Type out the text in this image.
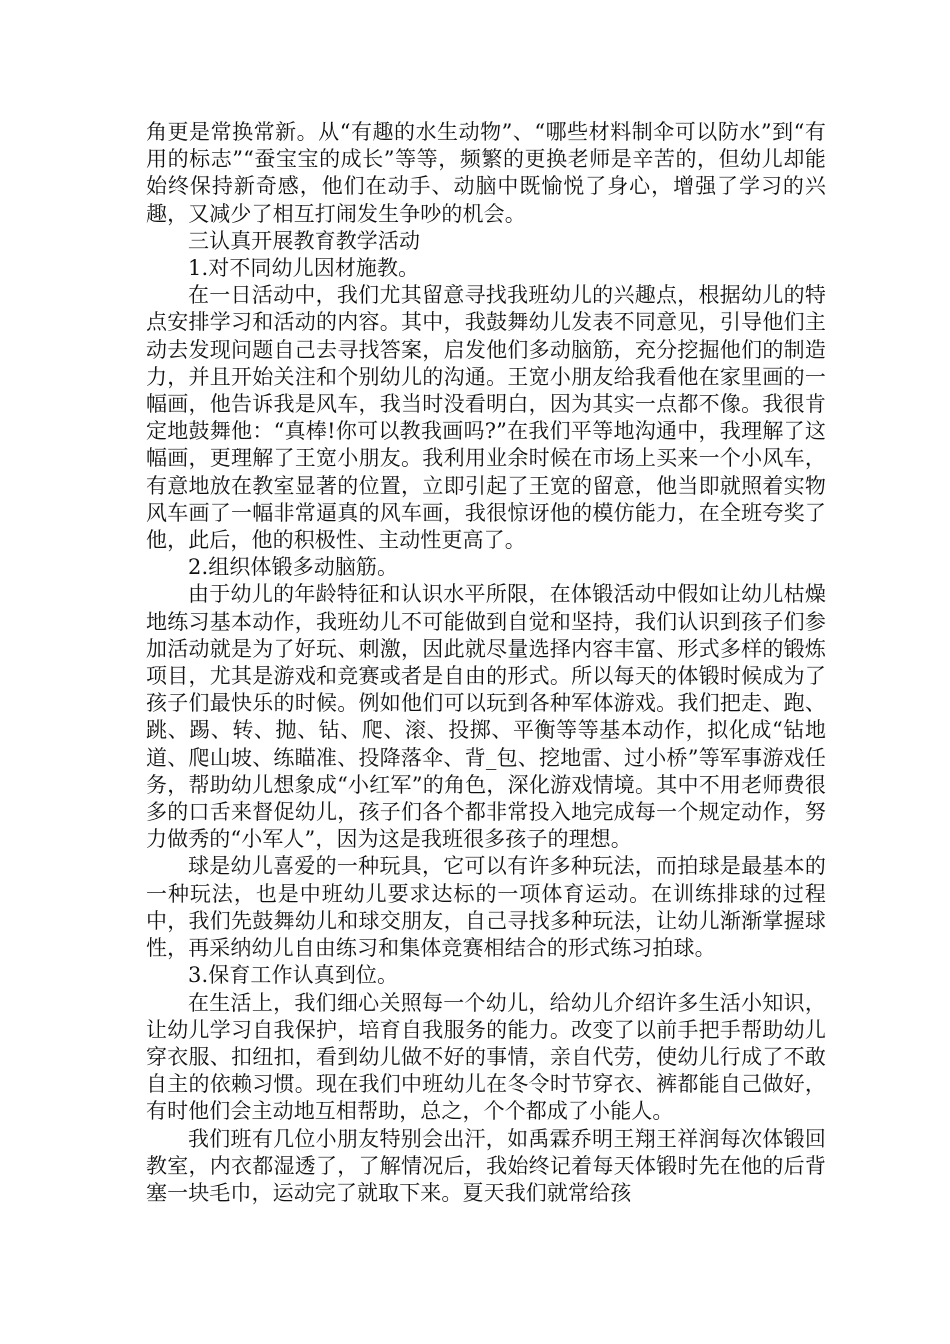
角更是常换常新。从“有趣的水生动物”、“哪些材料制伞可以防水”到“有用的标志”“蚕宝宝的成长”等等，频繁的更换老师是辛苦的，但幼儿却能始终保持新奇感，他们在动手、动脑中既愉悦了身心，增强了学习的兴趣，又减少了相互打闹发生争吵的机会。

三认真开展教育教学活动

1.对不同幼儿因材施教。

在一日活动中，我们尤其留意寻找我班幼儿的兴趣点，根据幼儿的特点安排学习和活动的内容。其中，我鼓舞幼儿发表不同意见，引导他们主动去发现问题自己去寻找答案，启发他们多动脑筋，充分挖掘他们的制造力，并且开始关注和个别幼儿的沟通。王宽小朋友给我看他在家里画的一幅画，他告诉我是风车，我当时没看明白，因为其实一点都不像。我很肯定地鼓舞他：“真棒!你可以教我画吗?”在我们平等地沟通中，我理解了这幅画，更理解了王宽小朋友。我利用业余时候在市场上买来一个小风车，有意地放在教室显著的位置，立即引起了王宽的留意，他当即就照着实物风车画了一幅非常逼真的风车画，我很惊讶他的模仿能力，在全班夸奖了他，此后，他的积极性、主动性更高了。

2.组织体锻多动脑筋。

由于幼儿的年龄特征和认识水平所限，在体锻活动中假如让幼儿枯燥地练习基本动作，我班幼儿不可能做到自觉和坚持，我们认识到孩子们参加活动就是为了好玩、刺激，因此就尽量选择内容丰富、形式多样的锻炼项目，尤其是游戏和竞赛或者是自由的形式。所以每天的体锻时候成为了孩子们最快乐的时候。例如他们可以玩到各种军体游戏。我们把走、跑、跳、踢、转、抛、钻、爬、滚、投掷、平衡等等基本动作，拟化成“钻地道、爬山坡、练瞄准、投降落伞、背_包、挖地雷、过小桥”等军事游戏任务，帮助幼儿想象成“小红军”的角色，深化游戏情境。其中不用老师费很多的口舌来督促幼儿，孩子们各个都非常投入地完成每一个规定动作，努力做秀的“小军人”，因为这是我班很多孩子的理想。

球是幼儿喜爱的一种玩具，它可以有许多种玩法，而拍球是最基本的一种玩法，也是中班幼儿要求达标的一项体育运动。在训练排球的过程中，我们先鼓舞幼儿和球交朋友，自己寻找多种玩法，让幼儿渐渐掌握球性，再采纳幼儿自由练习和集体竞赛相结合的形式练习拍球。

3.保育工作认真到位。

在生活上，我们细心关照每一个幼儿，给幼儿介绍许多生活小知识，让幼儿学习自我保护，培育自我服务的能力。改变了以前手把手帮助幼儿穿衣服、扣纽扣，看到幼儿做不好的事情，亲自代劳，使幼儿行成了不敢自主的依赖习惯。现在我们中班幼儿在冬令时节穿衣、裤都能自己做好，有时他们会主动地互相帮助，总之，个个都成了小能人。

我们班有几位小朋友特别会出汗，如禹霖乔明王翔王祥润每次体锻回教室，内衣都湿透了，了解情况后，我始终记着每天体锻时先在他的后背塞一块毛巾，运动完了就取下来。夏天我们就常给孩
